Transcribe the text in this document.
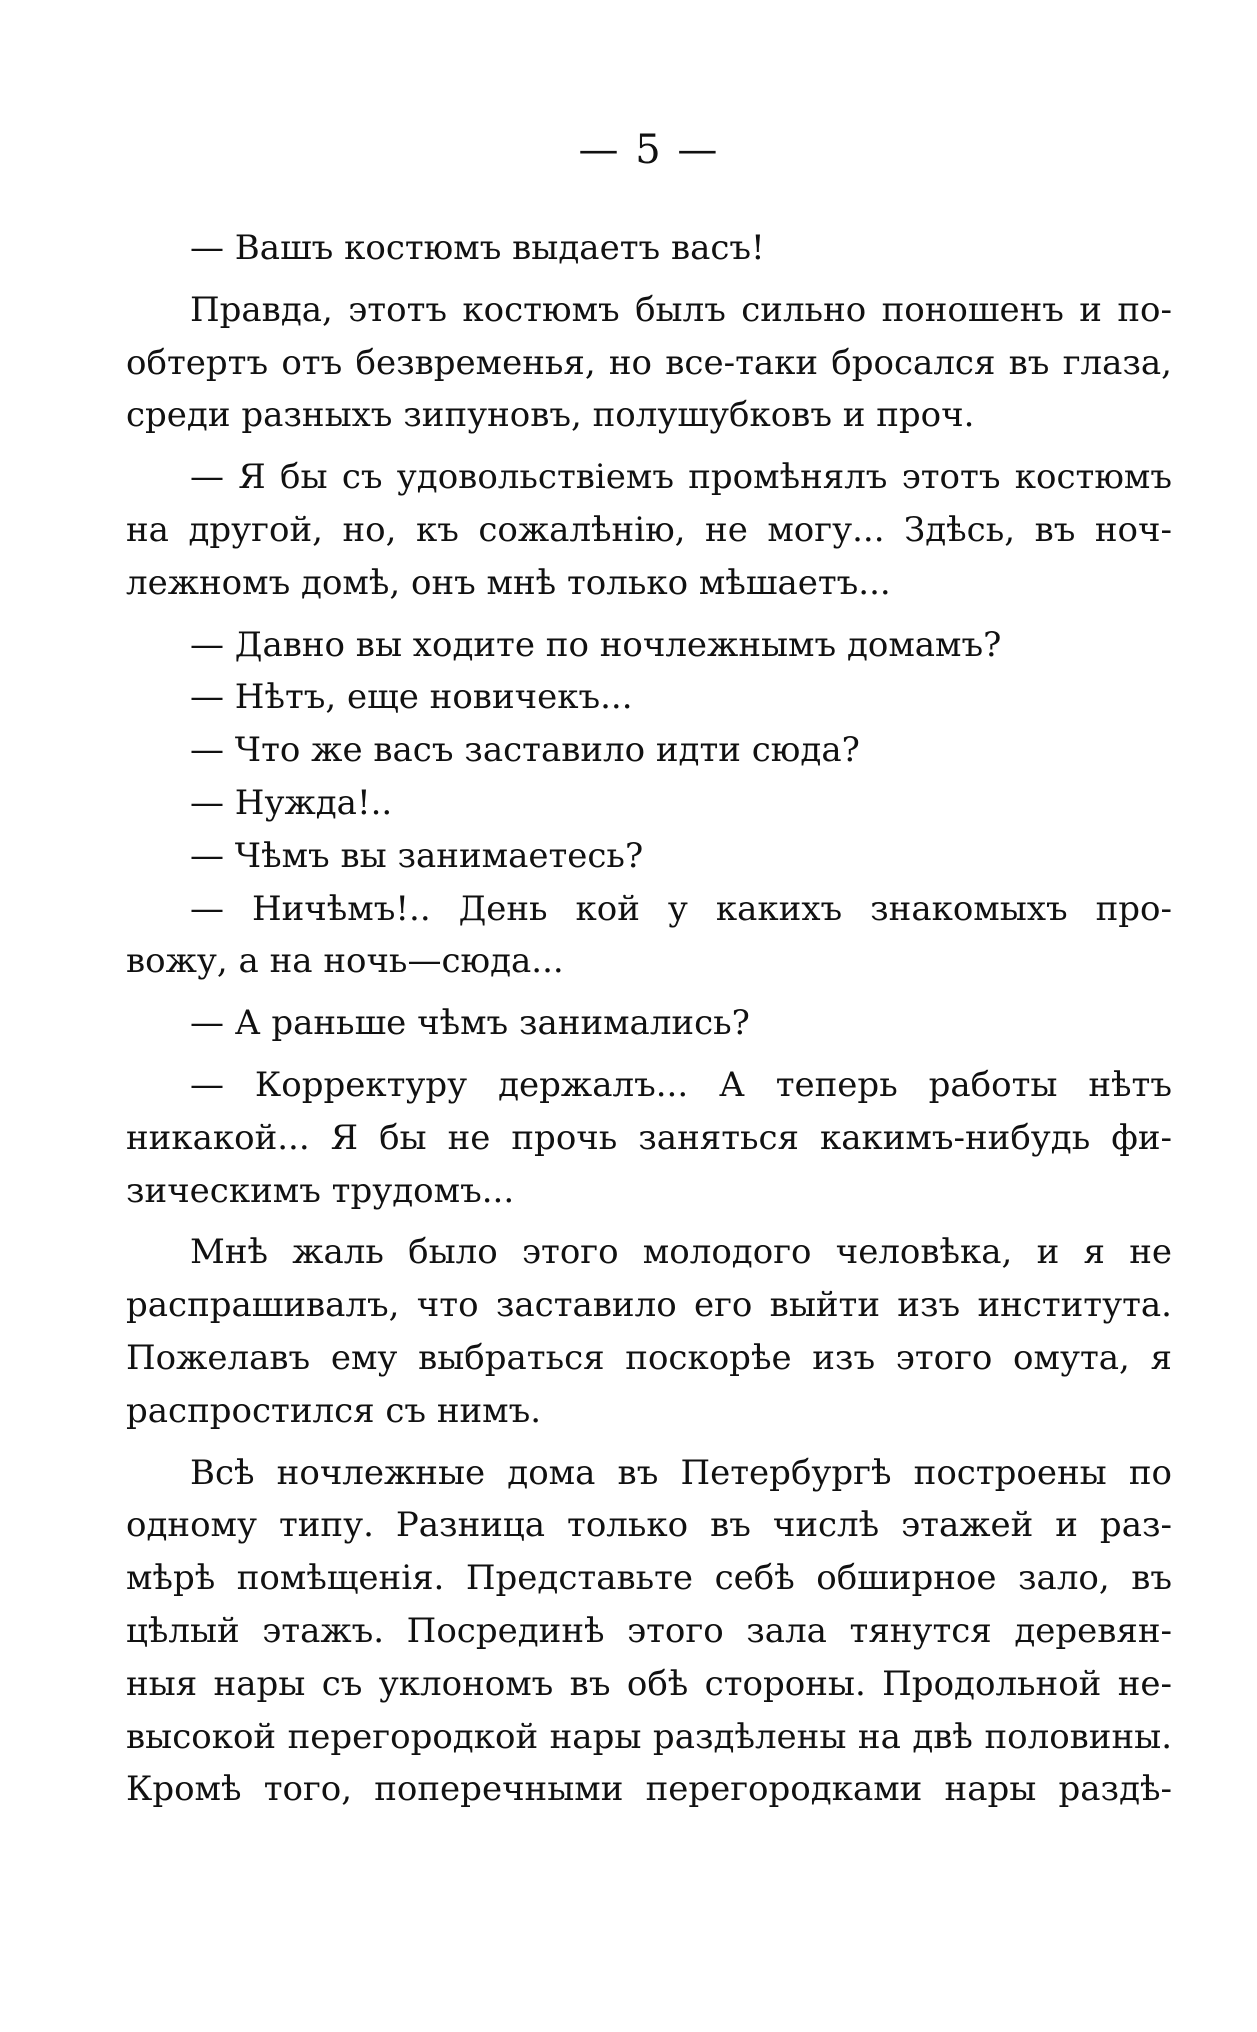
— 5 —
— Вашъ костюмъ выдаетъ васъ!
Правда, этотъ костюмъ былъ сильно поношенъ и по-
обтертъ отъ безвременья, но все-таки бросался въ глаза,
среди разныхъ зипуновъ, полушубковъ и проч.
— Я бы съ удовольствіемъ промѣнялъ этотъ костюмъ
на другой, но, къ сожалѣнію, не могу... Здѣсь, въ ноч-
лежномъ домѣ, онъ мнѣ только мѣшаетъ...
— Давно вы ходите по ночлежнымъ домамъ?
— Нѣтъ, еще новичекъ...
— Что же васъ заставило идти сюда?
— Нужда!..
— Чѣмъ вы занимаетесь?
— Ничѣмъ!.. День кой у какихъ знакомыхъ про-
вожу, а на ночь—сюда...
— А раньше чѣмъ занимались?
— Корректуру держалъ... А теперь работы нѣтъ
никакой... Я бы не прочь заняться какимъ-нибудь фи-
зическимъ трудомъ...
Мнѣ жаль было этого молодого человѣка, и я не
распрашивалъ, что заставило его выйти изъ института.
Пожелавъ ему выбраться поскорѣе изъ этого омута, я
распростился съ нимъ.
Всѣ ночлежные дома въ Петербургѣ построены по
одному типу. Разница только въ числѣ этажей и раз-
мѣрѣ помѣщенія. Представьте себѣ обширное зало, въ
цѣлый этажъ. Посрединѣ этого зала тянутся деревян-
ныя нары съ уклономъ въ обѣ стороны. Продольной не-
высокой перегородкой нары раздѣлены на двѣ половины.
Кромѣ того, поперечными перегородками нары раздѣ-
